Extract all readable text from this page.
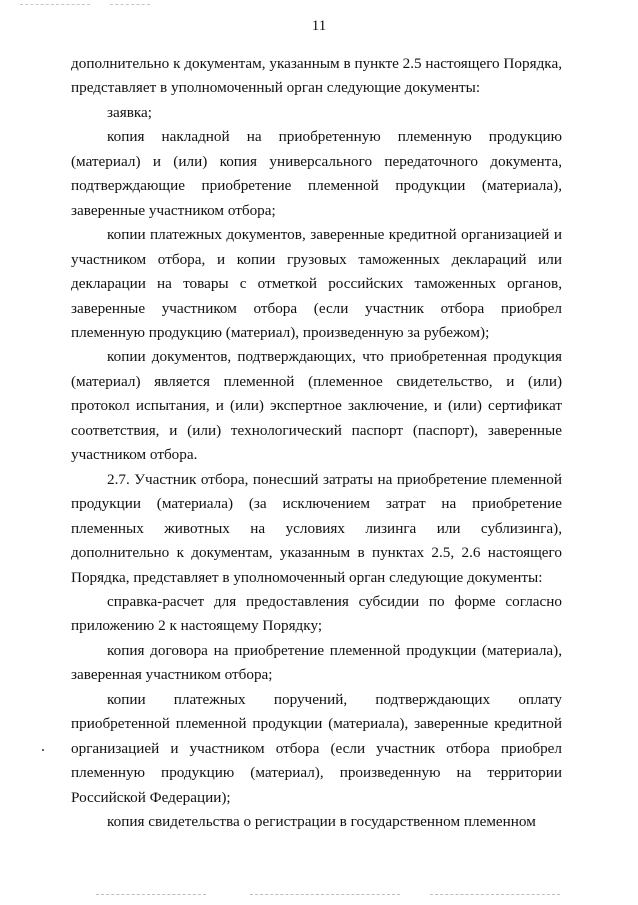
11

дополнительно к документам, указанным в пункте 2.5 настоящего Порядка, представляет в уполномоченный орган следующие документы:

заявка;

копия накладной на приобретенную племенную продукцию (материал) и (или) копия универсального передаточного документа, подтверждающие приобретение племенной продукции (материала), заверенные участником отбора;

копии платежных документов, заверенные кредитной организацией и участником отбора, и копии грузовых таможенных деклараций или декларации на товары с отметкой российских таможенных органов, заверенные участником отбора (если участник отбора приобрел племенную продукцию (материал), произведенную за рубежом);

копии документов, подтверждающих, что приобретенная продукция (материал) является племенной (племенное свидетельство, и (или) протокол испытания, и (или) экспертное заключение, и (или) сертификат соответствия, и (или) технологический паспорт (паспорт), заверенные участником отбора.

2.7. Участник отбора, понесший затраты на приобретение племенной продукции (материала) (за исключением затрат на приобретение племенных животных на условиях лизинга или сублизинга), дополнительно к документам, указанным в пунктах 2.5, 2.6 настоящего Порядка, представляет в уполномоченный орган следующие документы:

справка-расчет для предоставления субсидии по форме согласно приложению 2 к настоящему Порядку;

копия договора на приобретение племенной продукции (материала), заверенная участником отбора;

копии платежных поручений, подтверждающих оплату приобретенной племенной продукции (материала), заверенные кредитной организацией и участником отбора (если участник отбора приобрел племенную продукцию (материал), произведенную на территории Российской Федерации);

копия свидетельства о регистрации в государственном племенном
